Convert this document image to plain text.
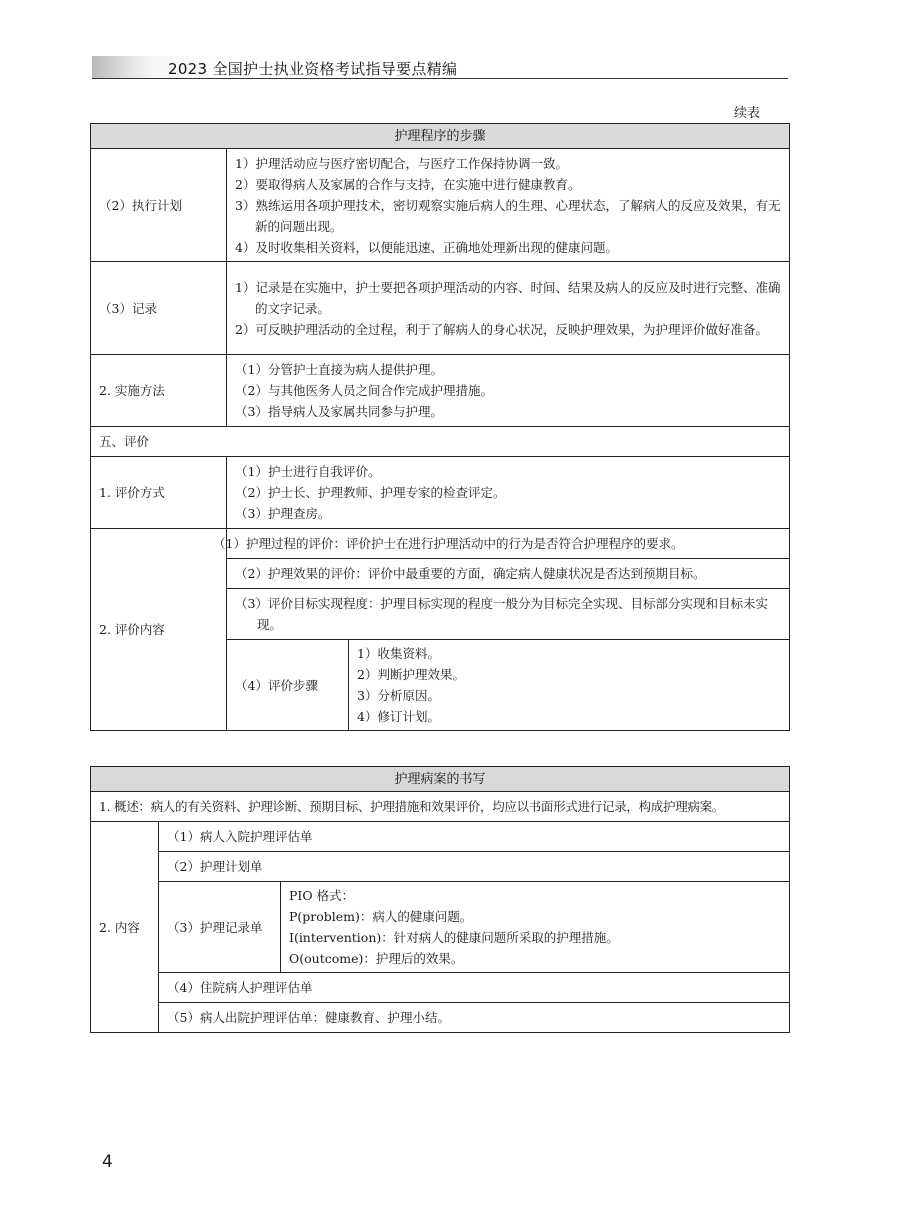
2023 全国护士执业资格考试指导要点精编
续表
护理程序的步骤		
（2）执行计划	1）护理活动应与医疗密切配合，与医疗工作保持协调一致。
2）要取得病人及家属的合作与支持，在实施中进行健康教育。
3）熟练运用各项护理技术，密切观察实施后病人的生理、心理状态，了解病人的反应及效果，有无新的问题出现。
4）及时收集相关资料，以便能迅速、正确地处理新出现的健康问题。	

（3）记录	1）记录是在实施中，护士要把各项护理活动的内容、时间、结果及病人的反应及时进行完整、准确的文字记录。
2）可反映护理活动的全过程，利于了解病人的身心状况，反映护理效果，为护理评价做好准备。	

2. 实施方法	（1）分管护士直接为病人提供护理。
（2）与其他医务人员之间合作完成护理措施。
（3）指导病人及家属共同参与护理。	

五、评价		
1. 评价方式	（1）护士进行自我评价。
（2）护士长、护理教师、护理专家的检查评定。
（3）护理查房。	

2. 评价内容	（1）护理过程的评价：评价护士在进行护理活动中的行为是否符合护理程序的要求。	
	（2）护理效果的评价：评价中最重要的方面，确定病人健康状况是否达到预期目标。	

	（3）评价目标实现程度：护理目标实现的程度一般分为目标完全实现、目标部分实现和目标未实现。	

	（4）评价步骤	1）收集资料。
2）判断护理效果。
3）分析原因。
4）修订计划。
护理病案的书写		
1. 概述：病人的有关资料、护理诊断、预期目标、护理措施和效果评价，均应以书面形式进行记录，构成护理病案。		
2. 内容	（1）病人入院护理评估单	
	（2）护理计划单	
	（3）护理记录单	PIO 格式：
P(problem)：病人的健康问题。
I(intervention)：针对病人的健康问题所采取的护理措施。
O(outcome)：护理后的效果。

	（4）住院病人护理评估单	
	（5）病人出院护理评估单：健康教育、护理小结。	
4
